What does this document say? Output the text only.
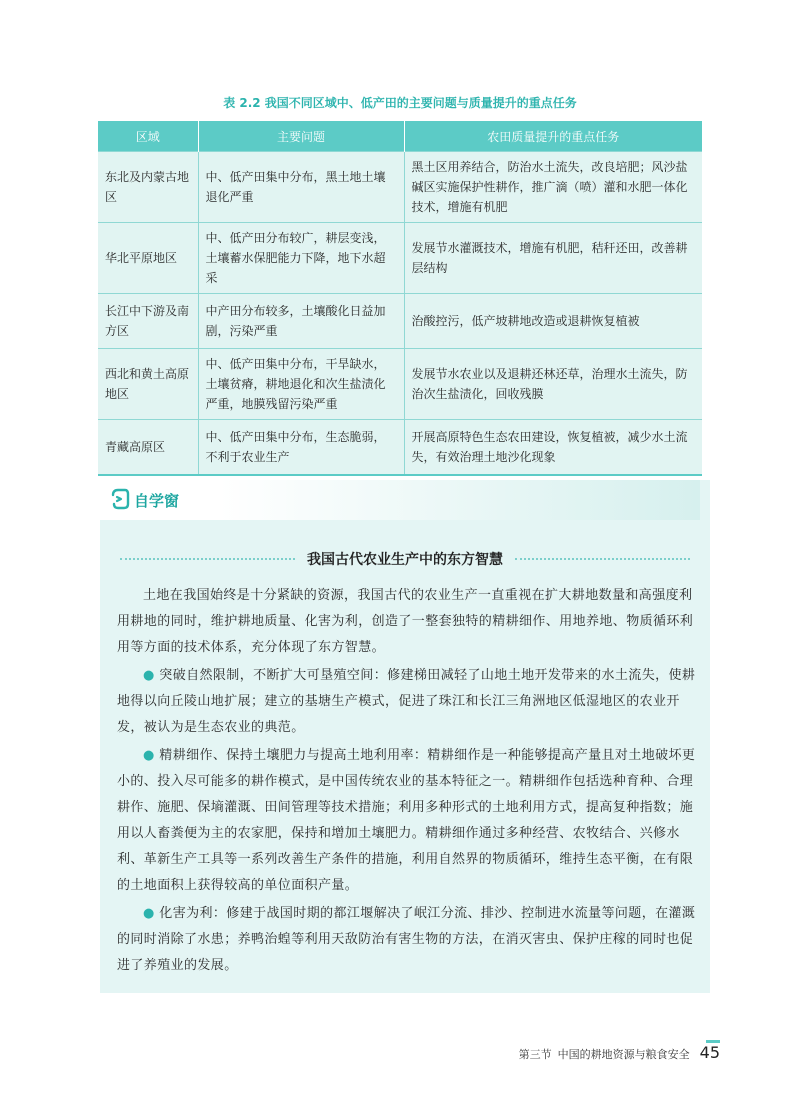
表 2.2 我国不同区域中、低产田的主要问题与质量提升的重点任务
区域	主要问题	农田质量提升的重点任务
东北及内蒙古地区	中、低产田集中分布，黑土地土壤退化严重	黑土区用养结合，防治水土流失，改良培肥；风沙盐碱区实施保护性耕作，推广滴（喷）灌和水肥一体化技术，增施有机肥
华北平原地区	中、低产田分布较广，耕层变浅，土壤蓄水保肥能力下降，地下水超采	发展节水灌溉技术，增施有机肥，秸秆还田，改善耕层结构
长江中下游及南方区	中产田分布较多，土壤酸化日益加剧，污染严重	治酸控污，低产坡耕地改造或退耕恢复植被
西北和黄土高原地区	中、低产田集中分布，干旱缺水，土壤贫瘠，耕地退化和次生盐渍化严重，地膜残留污染严重	发展节水农业以及退耕还林还草，治理水土流失，防治次生盐渍化，回收残膜
青藏高原区	中、低产田集中分布，生态脆弱，不利于农业生产	开展高原特色生态农田建设，恢复植被，减少水土流失，有效治理土地沙化现象
自学窗
我国古代农业生产中的东方智慧

土地在我国始终是十分紧缺的资源，我国古代的农业生产一直重视在扩大耕地数量和高强度利用耕地的同时，维护耕地质量、化害为利，创造了一整套独特的精耕细作、用地养地、物质循环利用等方面的技术体系，充分体现了东方智慧。

● 突破自然限制，不断扩大可垦殖空间：修建梯田减轻了山地土地开发带来的水土流失，使耕地得以向丘陵山地扩展；建立的基塘生产模式，促进了珠江和长江三角洲地区低湿地区的农业开发，被认为是生态农业的典范。

● 精耕细作、保持土壤肥力与提高土地利用率：精耕细作是一种能够提高产量且对土地破坏更小的、投入尽可能多的耕作模式，是中国传统农业的基本特征之一。精耕细作包括选种育种、合理耕作、施肥、保墒灌溉、田间管理等技术措施；利用多种形式的土地利用方式，提高复种指数；施用以人畜粪便为主的农家肥，保持和增加土壤肥力。精耕细作通过多种经营、农牧结合、兴修水利、革新生产工具等一系列改善生产条件的措施，利用自然界的物质循环，维持生态平衡，在有限的土地面积上获得较高的单位面积产量。

● 化害为利：修建于战国时期的都江堰解决了岷江分流、排沙、控制进水流量等问题，在灌溉的同时消除了水患；养鸭治蝗等利用天敌防治有害生物的方法，在消灭害虫、保护庄稼的同时也促进了养殖业的发展。

第三节 中国的耕地资源与粮食安全 45
